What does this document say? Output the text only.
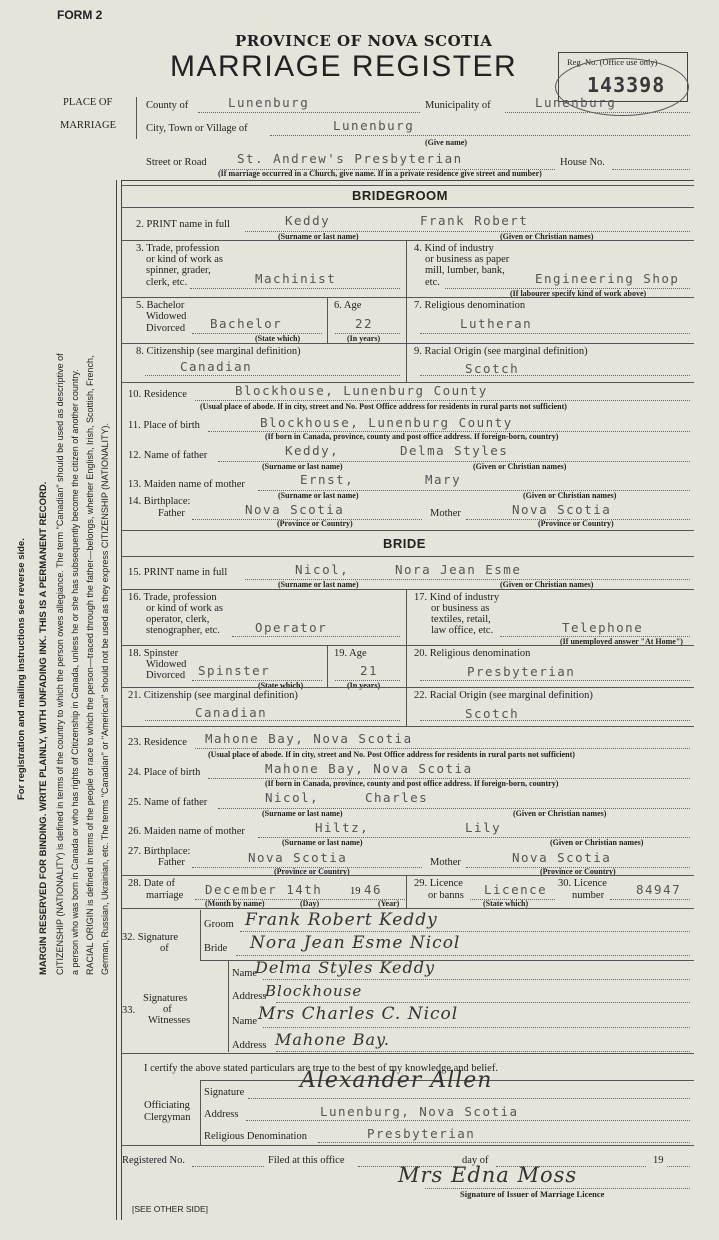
FORM 2
PROVINCE OF NOVA SCOTIA
MARRIAGE REGISTER	Reg. No. (Office use only)
143398
PLACE OF
MARRIAGE
County of	Lunenburg	Municipality of	Lunenburg
City, Town or Village of	Lunenburg
(Give name)
Street or Road St. Andrew's Presbyterian	House No.
(If marriage occurred in a Church, give name. If in a private residence give street and number)
MARGIN RESERVED FOR BINDING. WRITE PLAINLY, WITH UNFADING INK. THIS IS A PERMANENT RECORD.
For registration and mailing instructions see reverse side.	CITIZENSHIP (NATIONALITY) is defined in terms of the country to which the person owes allegiance. The term "Canadian" should be used as descriptive of a person who was born in Canada or who has rights of Citizenship in Canada, unless he or she has subsequently become the citizen of another country. RACIAL ORIGIN is defined in terms of the people or race to which the person—traced through the father—belongs, whether English, Irish, Scottish, French, German, Russian, Ukrainian, etc. The terms "Canadian" or "American" should not be used as they express CITIZENSHIP (NATIONALITY).
BRIDEGROOM
2. PRINT name in full	Keddy	Frank Robert
(Surname or last name)	(Given or Christian names)
3. Trade, profession
or kind of work as
spinner, grader,
clerk, etc.	Machinist
4. Kind of industry
or business as paper
mill, lumber, bank,
etc.	Engineering Shop
(If labourer specify kind of work above)
5. Bachelor
Widowed
Divorced Bachelor
(State which)
6. Age
22
(In years)
7. Religious denomination
Lutheran
8. Citizenship (see marginal definition)
Canadian
9. Racial Origin (see marginal definition)
Scotch
10. Residence	Blockhouse, Lunenburg County
(Usual place of abode. If in city, street and No. Post Office address for residents in rural parts not sufficient)
11. Place of birth	Blockhouse, Lunenburg County
(If born in Canada, province, county and post office address. If foreign-born, country)
12. Name of father	Keddy,	Delma Styles
(Surname or last name)	(Given or Christian names)
13. Maiden name of mother	Ernst,	Mary
(Surname or last name)	(Given or Christian names)
14. Birthplace:
Father	Nova Scotia
(Province or Country)
Mother	Nova Scotia
(Province or Country)
BRIDE
15. PRINT name in full	Nicol,	Nora Jean Esme
(Surname or last name)	(Given or Christian names)
16. Trade, profession
or kind of work as
operator, clerk,
stenographer, etc.	Operator
17. Kind of industry
or business as
textiles, retail,
law office, etc.	Telephone
(If unemployed answer "At Home")
18. Spinster
Widowed
Divorced Spinster
(State which)
19. Age
21
(In years)
20. Religious denomination
Presbyterian
21. Citizenship (see marginal definition)
Canadian
22. Racial Origin (see marginal definition)
Scotch
23. Residence Mahone Bay, Nova Scotia
(Usual place of abode. If in city, street and No. Post Office address for residents in rural parts not sufficient)
24. Place of birth	Mahone Bay, Nova Scotia
(If born in Canada, province, county and post office address. If foreign-born, country)
25. Name of father	Nicol,	Charles
(Surname or last name)	(Given or Christian names)
26. Maiden name of mother	Hiltz,	Lily
(Surname or last name)	(Given or Christian names)
27. Birthplace:
Father	Nova Scotia
(Province or Country)
Mother	Nova Scotia
(Province or Country)
28. Date of
marriage December 14th	19 46
(Month by name)	(Day)	(Year)
29. Licence
or banns Licence
(State which)
30. Licence
number	84947
32. Signature
of
Groom Frank Robert Keddy
Bride Nora Jean Esme Nicol
Signatures
of
Witnesses
33.
Name
Delma Styles Keddy
Address
Blockhouse
Name Mrs Charles C. Nicol
Address Mahone Bay.
I certify the above stated particulars are true to the best of my knowledge and belief.
Officiating
Clergyman
Signature	Alexander Allen
Address	Lunenburg, Nova Scotia
Religious Denomination	Presbyterian
Registered No.	Filed at this office	day of	19
Mrs Edna Moss
Signature of Issuer of Marriage Licence
[SEE OTHER SIDE]
